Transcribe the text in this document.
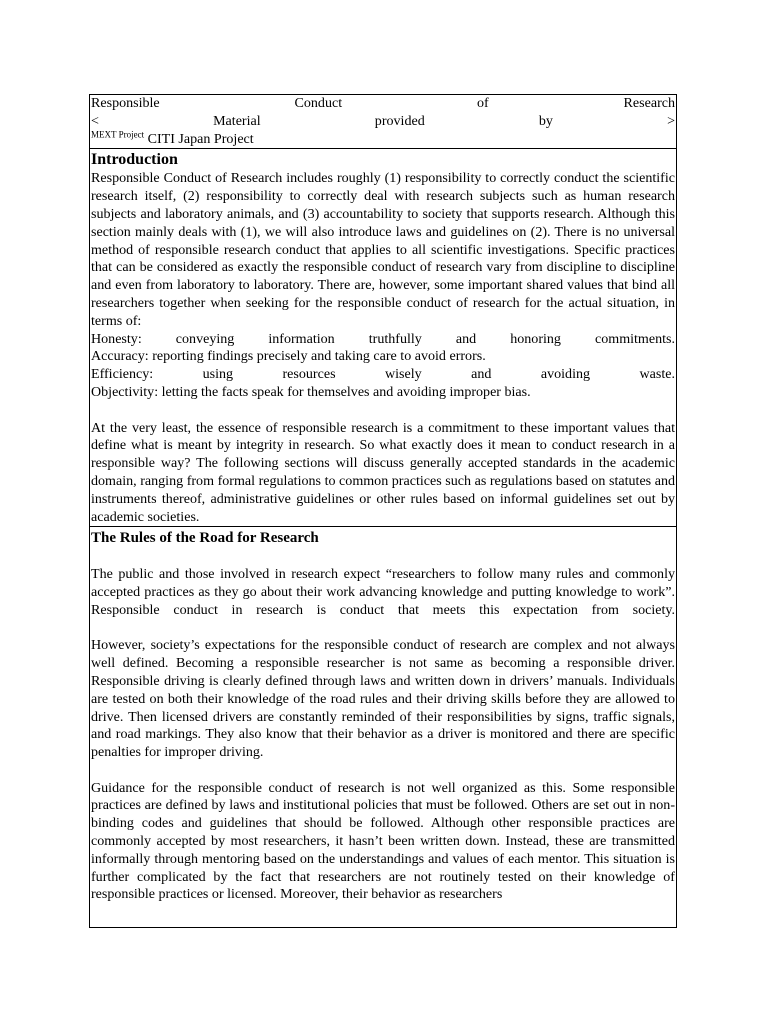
Responsible Conduct of Research

< Material provided by >

$^{MEXT Project}$ CITI Japan Project

Introduction

Responsible Conduct of Research includes roughly (1) responsibility to correctly conduct the scientific research itself, (2) responsibility to correctly deal with research subjects such as human research subjects and laboratory animals, and (3) accountability to society that supports research. Although this section mainly deals with (1), we will also introduce laws and guidelines on (2). There is no universal method of responsible research conduct that applies to all scientific investigations. Specific practices that can be considered as exactly the responsible conduct of research vary from discipline to discipline and even from laboratory to laboratory. There are, however, some important shared values that bind all researchers together when seeking for the responsible conduct of research for the actual situation, in terms of:

Honesty: conveying information truthfully and honoring commitments.

Accuracy: reporting findings precisely and taking care to avoid errors.

Efficiency: using resources wisely and avoiding waste.

Objectivity: letting the facts speak for themselves and avoiding improper bias.

At the very least, the essence of responsible research is a commitment to these important values that define what is meant by integrity in research. So what exactly does it mean to conduct research in a responsible way? The following sections will discuss generally accepted standards in the academic domain, ranging from formal regulations to common practices such as regulations based on statutes and instruments thereof, administrative guidelines or other rules based on informal guidelines set out by academic societies.

The Rules of the Road for Research

The public and those involved in research expect “researchers to follow many rules and commonly accepted practices as they go about their work advancing knowledge and putting knowledge to work”. Responsible conduct in research is conduct that meets this expectation from society.

However, society’s expectations for the responsible conduct of research are complex and not always well defined. Becoming a responsible researcher is not same as becoming a responsible driver. Responsible driving is clearly defined through laws and written down in drivers’ manuals. Individuals are tested on both their knowledge of the road rules and their driving skills before they are allowed to drive. Then licensed drivers are constantly reminded of their responsibilities by signs, traffic signals, and road markings. They also know that their behavior as a driver is monitored and there are specific penalties for improper driving.

Guidance for the responsible conduct of research is not well organized as this. Some responsible practices are defined by laws and institutional policies that must be followed. Others are set out in non-binding codes and guidelines that should be followed. Although other responsible practices are commonly accepted by most researchers, it hasn’t been written down. Instead, these are transmitted informally through mentoring based on the understandings and values of each mentor. This situation is further complicated by the fact that researchers are not routinely tested on their knowledge of responsible practices or licensed. Moreover, their behavior as researchers
